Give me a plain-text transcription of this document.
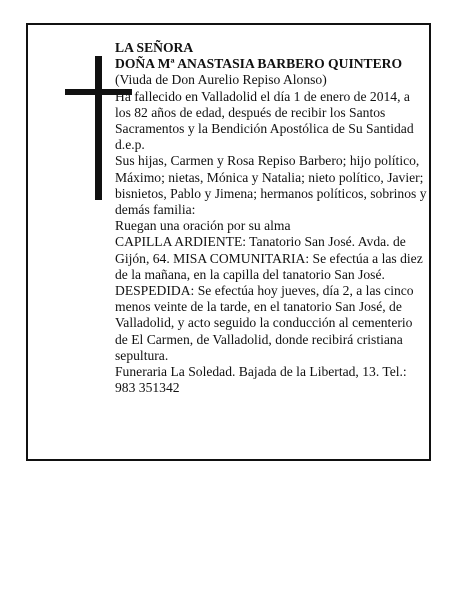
LA SEÑORA

DOÑA Mª ANASTASIA BARBERO QUINTERO

(Viuda de Don Aurelio Repiso Alonso)

Ha fallecido en Valladolid el día 1 de enero de 2014, a los 82 años de edad, después de recibir los Santos Sacramentos y la Bendición Apostólica de Su Santidad d.e.p.

Sus hijas, Carmen y Rosa Repiso Barbero; hijo político, Máximo; nietas, Mónica y Natalia; nieto político, Javier; bisnietos, Pablo y Jimena; hermanos políticos, sobrinos y demás familia:

Ruegan una oración por su alma

CAPILLA ARDIENTE: Tanatorio San José. Avda. de Gijón, 64. MISA COMUNITARIA: Se efectúa a las diez de la mañana, en la capilla del tanatorio San José.

DESPEDIDA: Se efectúa hoy jueves, día 2, a las cinco menos veinte de la tarde, en el tanatorio San José, de Valladolid, y acto seguido la conducción al cementerio de El Carmen, de Valladolid, donde recibirá cristiana sepultura.

Funeraria La Soledad. Bajada de la Libertad, 13. Tel.: 983 351342
